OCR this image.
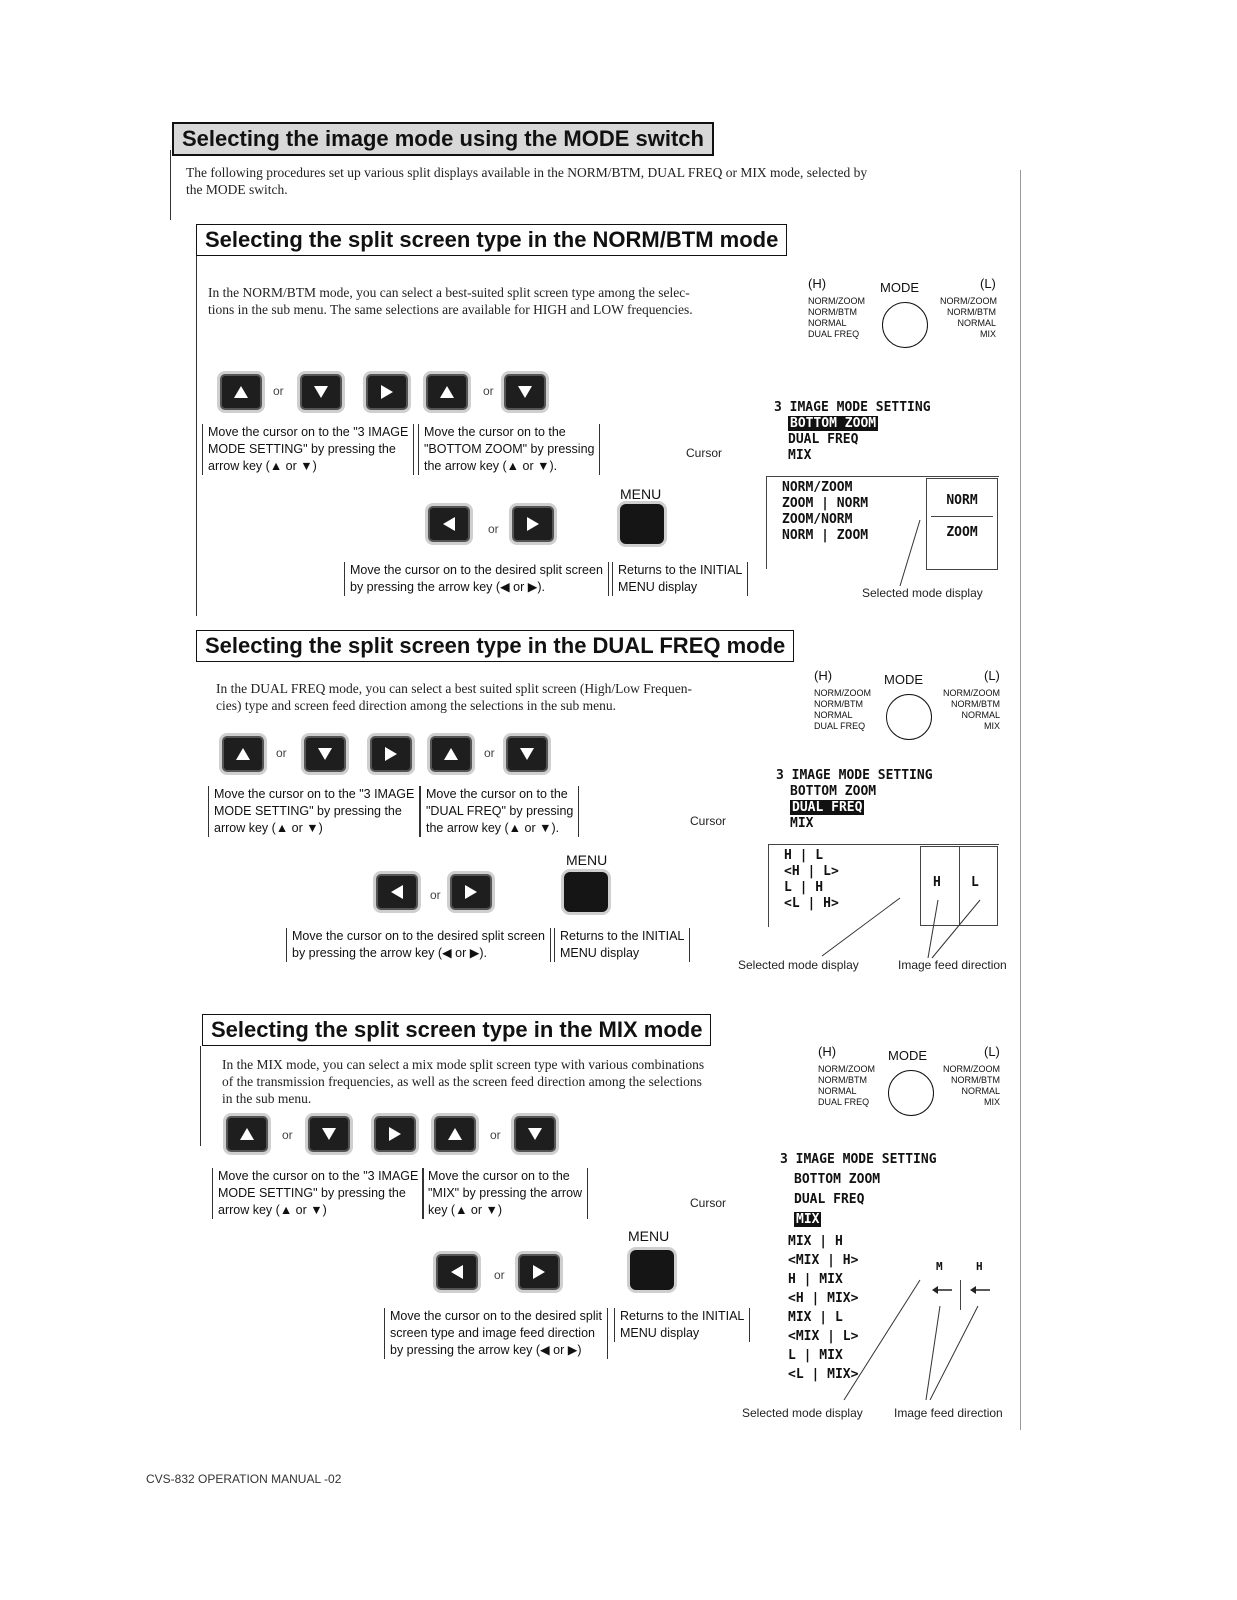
Selecting the image mode using the MODE switch
The following procedures set up various split displays available in the NORM/BTM, DUAL FREQ or MIX mode, selected by
the MODE switch.
Selecting the split screen type in the NORM/BTM mode
In the NORM/BTM mode, you can select a best-suited split screen type among the selec-
tions in the sub menu. The same selections are available for HIGH and LOW frequencies.
(H)	MODE	(L)
NORM/ZOOM
NORM/BTM
NORMAL
DUAL FREQ
NORM/ZOOM
NORM/BTM
NORMAL
MIX
or	or
Move the cursor on to the "3 IMAGE
MODE SETTING" by pressing the
arrow key (▲ or ▼)
Move the cursor on to the
"BOTTOM ZOOM" by pressing
the arrow key (▲ or ▼).
Cursor
MENU
or
Move the cursor on to the desired split screen
by pressing the arrow key (◀ or ▶).
Returns to the INITIAL
MENU display
3 IMAGE MODE SETTING
BOTTOM ZOOM
DUAL FREQ
MIX
NORM/ZOOM
ZOOM | NORM
ZOOM/NORM
NORM | ZOOM
NORM
ZOOM
Selected mode display
Selecting the split screen type in the DUAL FREQ mode
In the DUAL FREQ mode, you can select a best suited split screen (High/Low Frequen-
cies) type and screen feed direction among the selections in the sub menu.
(H)	MODE	(L)
NORM/ZOOM
NORM/BTM
NORMAL
DUAL FREQ
NORM/ZOOM
NORM/BTM
NORMAL
MIX
or	or
Move the cursor on to the "3 IMAGE
MODE SETTING" by pressing the
arrow key (▲ or ▼)
Move the cursor on to the
"DUAL FREQ" by pressing
the arrow key (▲ or ▼).	Cursor
MENU
or
Move the cursor on to the desired split screen
by pressing the arrow key (◀ or ▶).
Returns to the INITIAL
MENU display
3 IMAGE MODE SETTING
BOTTOM ZOOM
DUAL FREQ
MIX
H | L
<H | L>
L | H
<L | H>
H L
Selected mode display	Image feed direction
Selecting the split screen type in the MIX mode
In the MIX mode, you can select a mix mode split screen type with various combinations
of the transmission frequencies, as well as the screen feed direction among the selections
in the sub menu.
(H)	MODE	(L)
NORM/ZOOM
NORM/BTM
NORMAL
DUAL FREQ
NORM/ZOOM
NORM/BTM
NORMAL
MIX
or	or
Move the cursor on to the "3 IMAGE
MODE SETTING" by pressing the
arrow key (▲ or ▼)
Move the cursor on to the
"MIX" by pressing the arrow
key (▲ or ▼)	Cursor
MENU
or
Move the cursor on to the desired split
screen type and image feed direction
by pressing the arrow key (◀ or ▶)
Returns to the INITIAL
MENU display
3 IMAGE MODE SETTING
BOTTOM ZOOM
DUAL FREQ
MIX
MIX | H
<MIX | H>
H | MIX
<H | MIX>
MIX | L
<MIX | L>
L | MIX
<L | MIX>
M	H
Selected mode display	Image feed direction
CVS-832 OPERATION MANUAL -02
